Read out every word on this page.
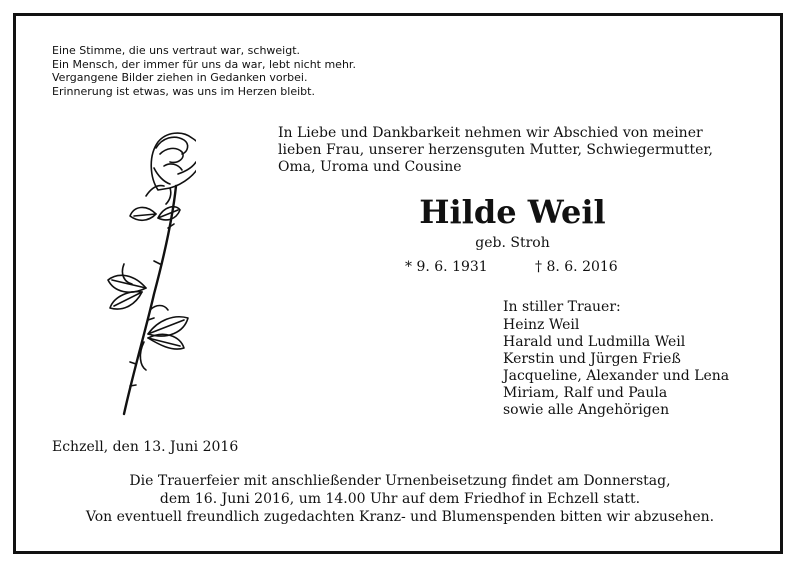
Eine Stimme, die uns vertraut war, schweigt.
Ein Mensch, der immer für uns da war, lebt nicht mehr.
Vergangene Bilder ziehen in Gedanken vorbei.
Erinnerung ist etwas, was uns im Herzen bleibt.
In Liebe und Dankbarkeit nehmen wir Abschied von meiner
lieben Frau, unserer herzensguten Mutter, Schwiegermutter,
Oma, Uroma und Cousine
Hilde Weil
geb. Stroh
* 9. 6. 1931	† 8. 6. 2016
In stiller Trauer:
Heinz Weil
Harald und Ludmilla Weil
Kerstin und Jürgen Frieß
Jacqueline, Alexander und Lena
Miriam, Ralf und Paula
sowie alle Angehörigen
Echzell, den 13. Juni 2016
Die Trauerfeier mit anschließender Urnenbeisetzung findet am Donnerstag,
dem 16. Juni 2016, um 14.00 Uhr auf dem Friedhof in Echzell statt.
Von eventuell freundlich zugedachten Kranz- und Blumenspenden bitten wir abzusehen.
